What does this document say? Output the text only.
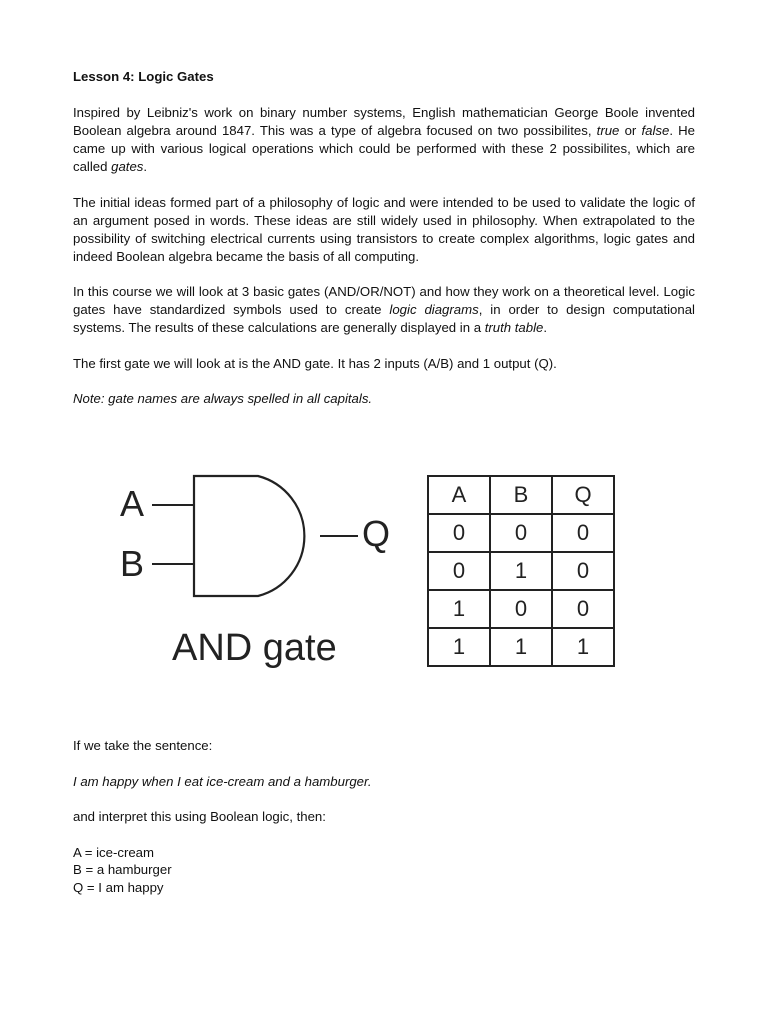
Lesson 4: Logic Gates

Inspired by Leibniz's work on binary number systems, English mathematician George Boole invented Boolean algebra around 1847. This was a type of algebra focused on two possibilites, true or false. He came up with various logical operations which could be performed with these 2 possibilites, which are called gates.

The initial ideas formed part of a philosophy of logic and were intended to be used to validate the logic of an argument posed in words. These ideas are still widely used in philosophy. When extrapolated to the possibility of switching electrical currents using transistors to create complex algorithms, logic gates and indeed Boolean algebra became the basis of all computing.

In this course we will look at 3 basic gates (AND/OR/NOT) and how they work on a theoretical level. Logic gates have standardized symbols used to create logic diagrams, in order to design computational systems. The results of these calculations are generally displayed in a truth table.

The first gate we will look at is the AND gate. It has 2 inputs (A/B) and 1 output (Q).

Note: gate names are always spelled in all capitals.

A
B
Q
AND gate
A	B	Q
0	0	0
0	1	0
1	0	0
1	1	1

If we take the sentence:

I am happy when I eat ice-cream and a hamburger.

and interpret this using Boolean logic, then:

A = ice-cream
B = a hamburger
Q = I am happy
